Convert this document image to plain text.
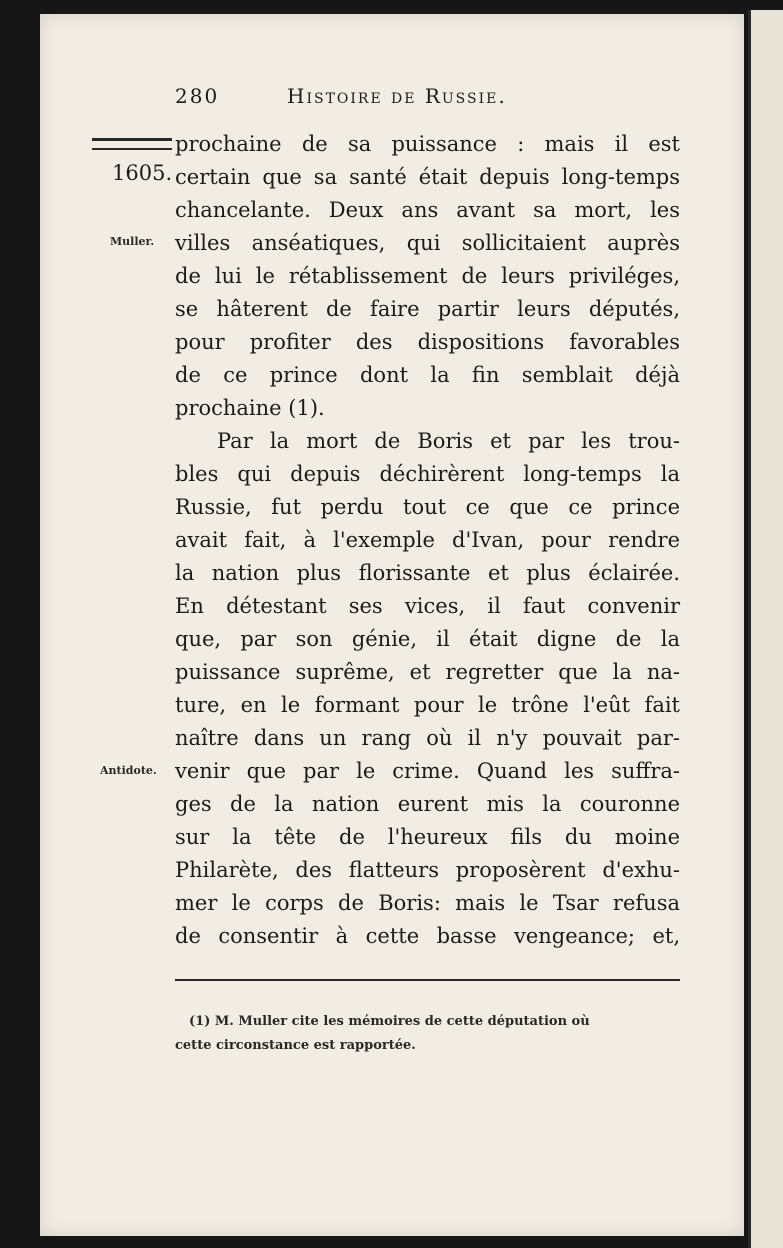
280	Histoire de Russie.
1605.
Muller.
Antidote.
prochaine de sa puissance : mais il est
certain que sa santé était depuis long-temps
chancelante. Deux ans avant sa mort, les
villes anséatiques, qui sollicitaient auprès
de lui le rétablissement de leurs priviléges,
se hâterent de faire partir leurs députés,
pour profiter des dispositions favorables
de ce prince dont la fin semblait déjà
prochaine (1).
Par la mort de Boris et par les trou-
bles qui depuis déchirèrent long-temps la
Russie, fut perdu tout ce que ce prince
avait fait, à l'exemple d'Ivan, pour rendre
la nation plus florissante et plus éclairée.
En détestant ses vices, il faut convenir
que, par son génie, il était digne de la
puissance suprême, et regretter que la na-
ture, en le formant pour le trône l'eût fait
naître dans un rang où il n'y pouvait par-
venir que par le crime. Quand les suffra-
ges de la nation eurent mis la couronne
sur la tête de l'heureux fils du moine
Philarète, des flatteurs proposèrent d'exhu-
mer le corps de Boris: mais le Tsar refusa
de consentir à cette basse vengeance; et,
(1) M. Muller cite les mémoires de cette députation où
cette circonstance est rapportée.
